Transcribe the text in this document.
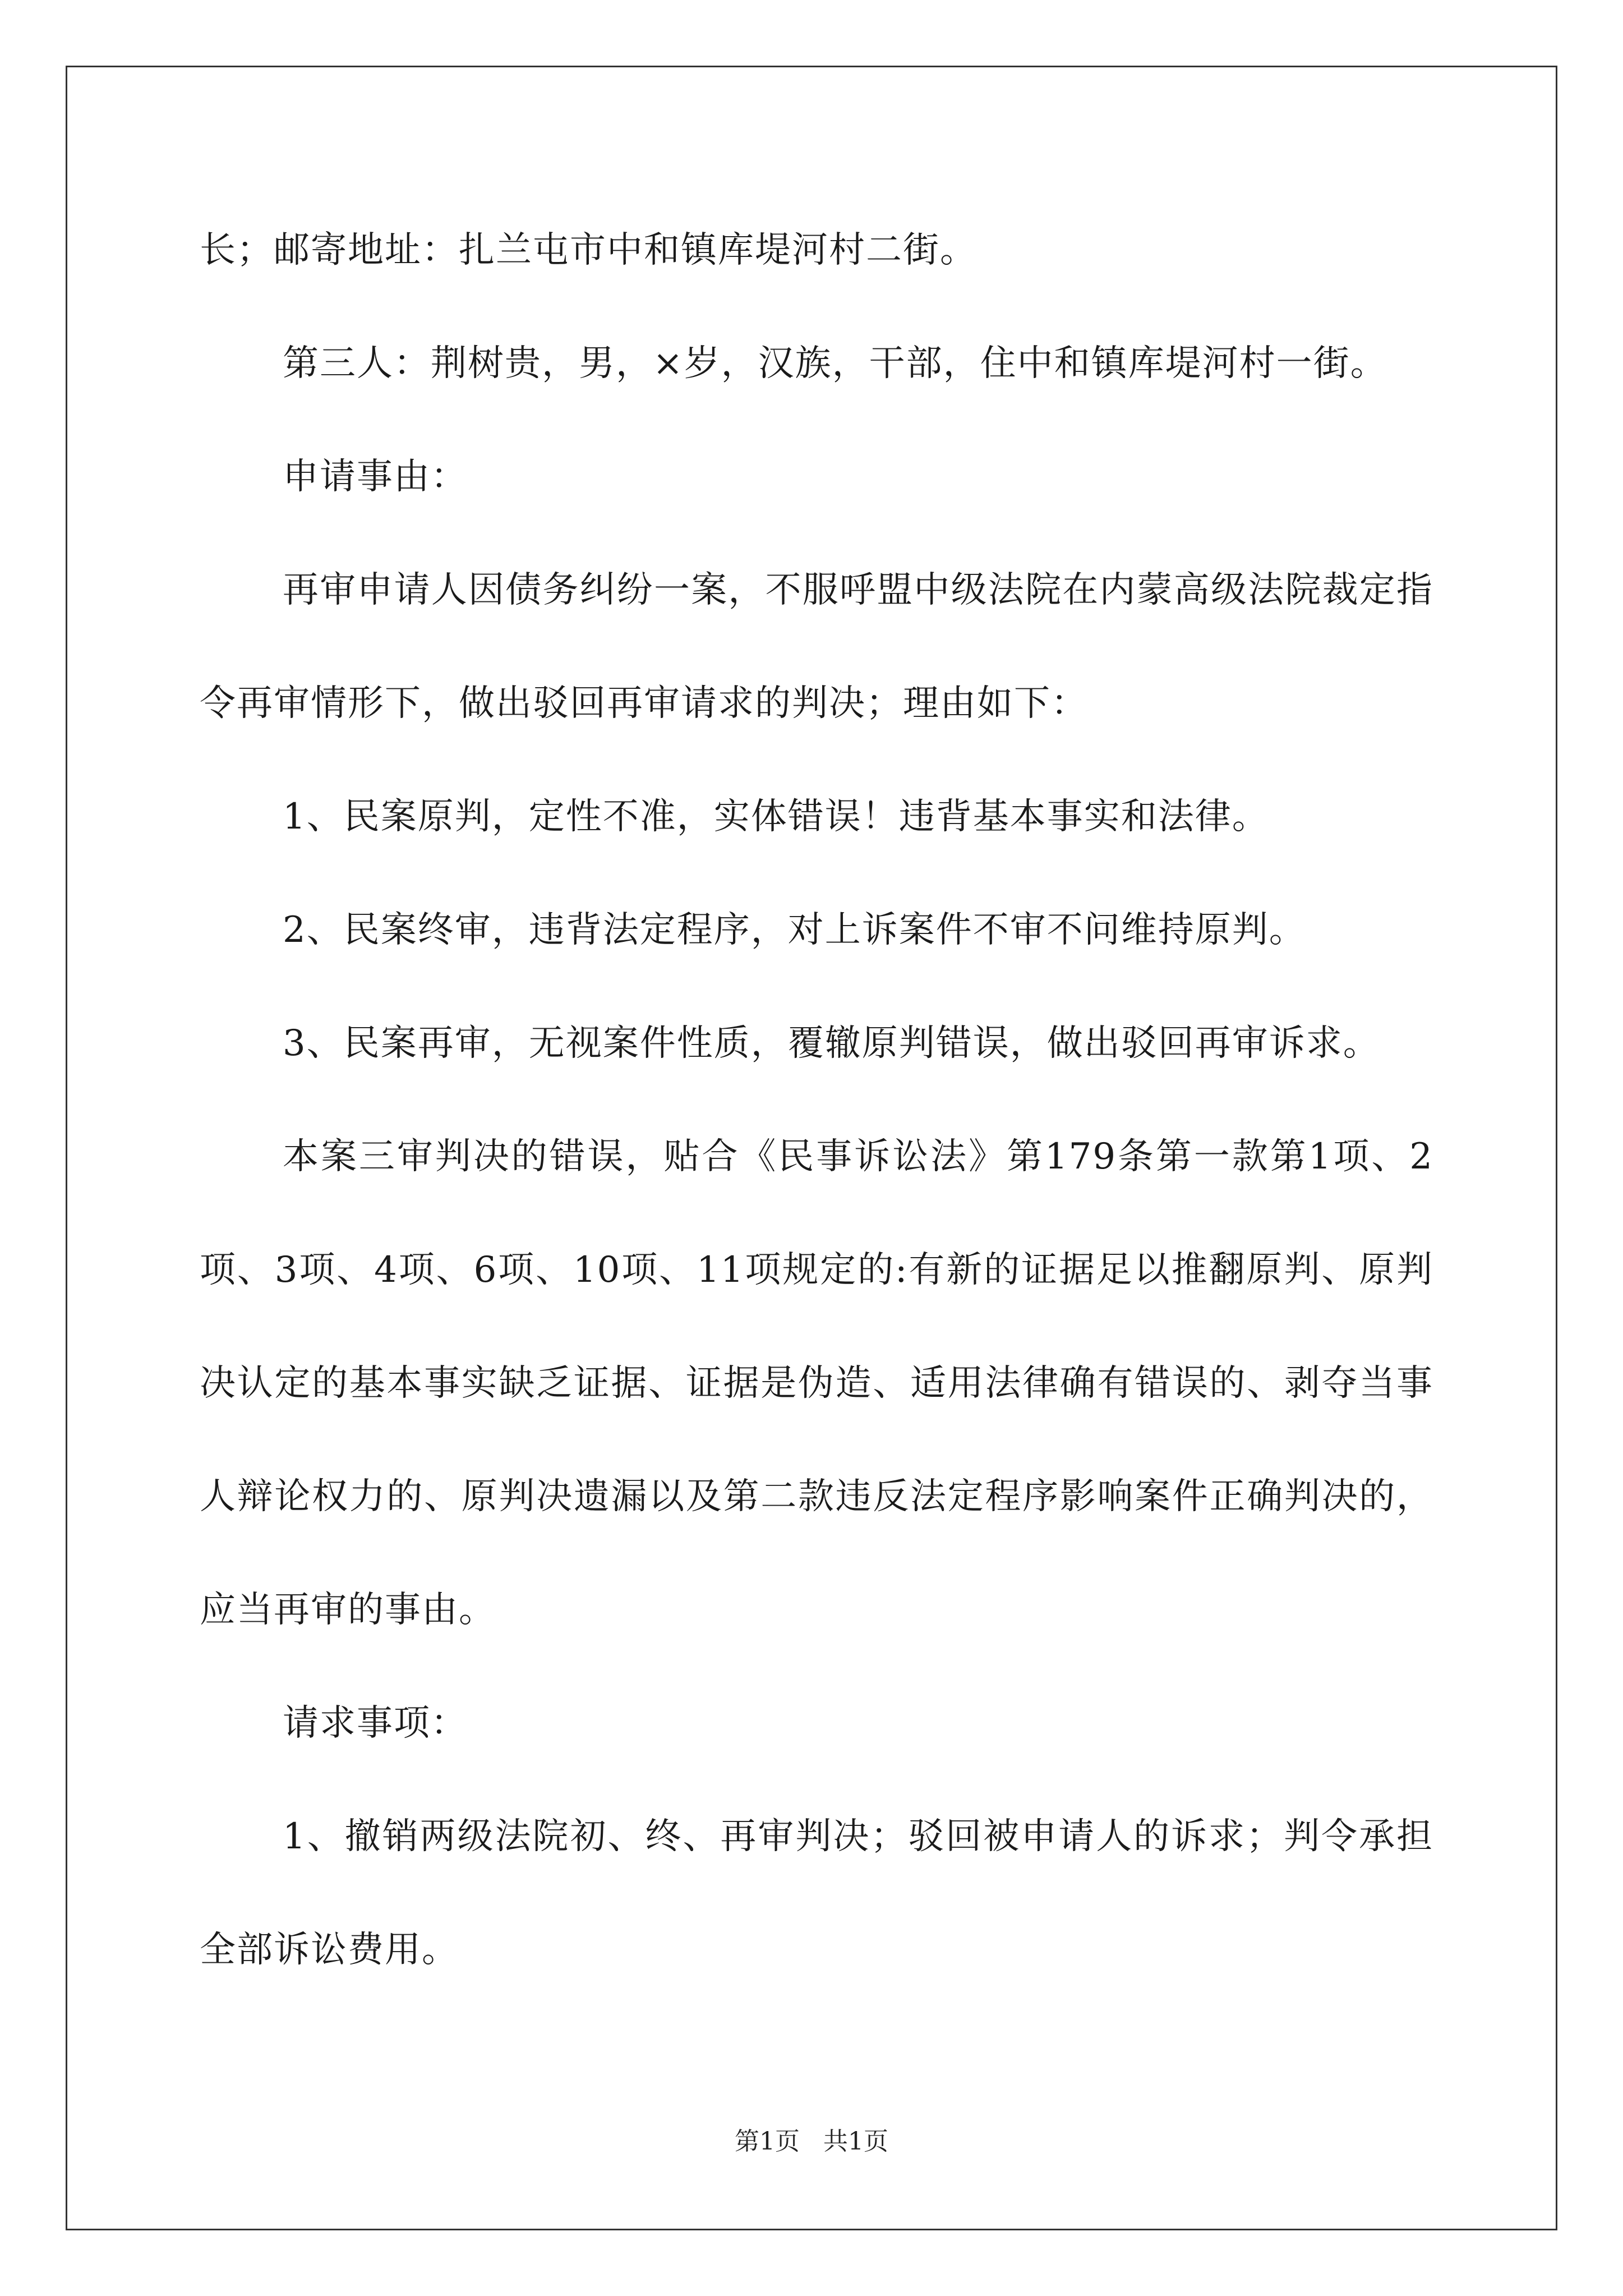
长；邮寄地址：扎兰屯市中和镇库堤河村二街。

第三人：荆树贵，男，×岁，汉族，干部，住中和镇库堤河村一街。

申请事由：

再审申请人因债务纠纷一案，不服呼盟中级法院在内蒙高级法院裁定指令再审情形下，做出驳回再审请求的判决；理由如下：

1、民案原判，定性不准，实体错误！违背基本事实和法律。

2、民案终审，违背法定程序，对上诉案件不审不问维持原判。

3、民案再审，无视案件性质，覆辙原判错误，做出驳回再审诉求。

本案三审判决的错误，贴合《民事诉讼法》第179条第一款第1项、2项、3项、4项、6项、10项、11项规定的:有新的证据足以推翻原判、原判决认定的基本事实缺乏证据、证据是伪造、适用法律确有错误的、剥夺当事人辩论权力的、原判决遗漏以及第二款违反法定程序影响案件正确判决的，应当再审的事由。

请求事项：

1、撤销两级法院初、终、再审判决；驳回被申请人的诉求；判令承担全部诉讼费用。

第1页 共1页
